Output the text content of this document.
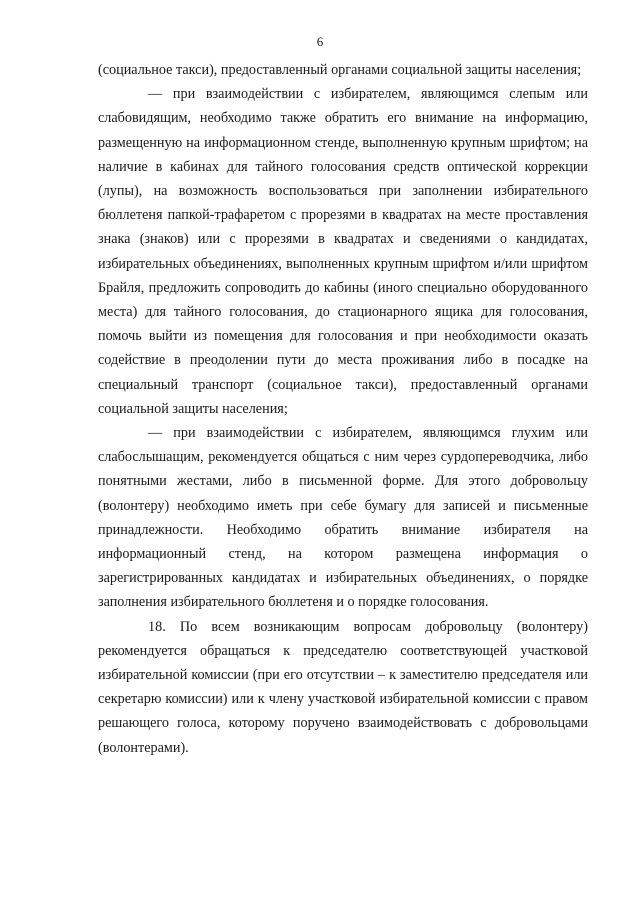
6

(социальное такси), предоставленный органами социальной защиты населения;

— при взаимодействии с избирателем, являющимся слепым или слабовидящим, необходимо также обратить его внимание на информацию, размещенную на информационном стенде, выполненную крупным шрифтом; на наличие в кабинах для тайного голосования средств оптической коррекции (лупы), на возможность воспользоваться при заполнении избирательного бюллетеня папкой-трафаретом с прорезями в квадратах на месте проставления знака (знаков) или с прорезями в квадратах и сведениями о кандидатах, избирательных объединениях, выполненных крупным шрифтом и/или шрифтом Брайля, предложить сопроводить до кабины (иного специально оборудованного места) для тайного голосования, до стационарного ящика для голосования, помочь выйти из помещения для голосования и при необходимости оказать содействие в преодолении пути до места проживания либо в посадке на специальный транспорт (социальное такси), предоставленный органами социальной защиты населения;

— при взаимодействии с избирателем, являющимся глухим или слабослышащим, рекомендуется общаться с ним через сурдопереводчика, либо понятными жестами, либо в письменной форме. Для этого добровольцу (волонтеру) необходимо иметь при себе бумагу для записей и письменные принадлежности. Необходимо обратить внимание избирателя на информационный стенд, на котором размещена информация о зарегистрированных кандидатах и избирательных объединениях, о порядке заполнения избирательного бюллетеня и о порядке голосования.

18. По всем возникающим вопросам добровольцу (волонтеру) рекомендуется обращаться к председателю соответствующей участковой избирательной комиссии (при его отсутствии – к заместителю председателя или секретарю комиссии) или к члену участковой избирательной комиссии с правом решающего голоса, которому поручено взаимодействовать с добровольцами (волонтерами).
